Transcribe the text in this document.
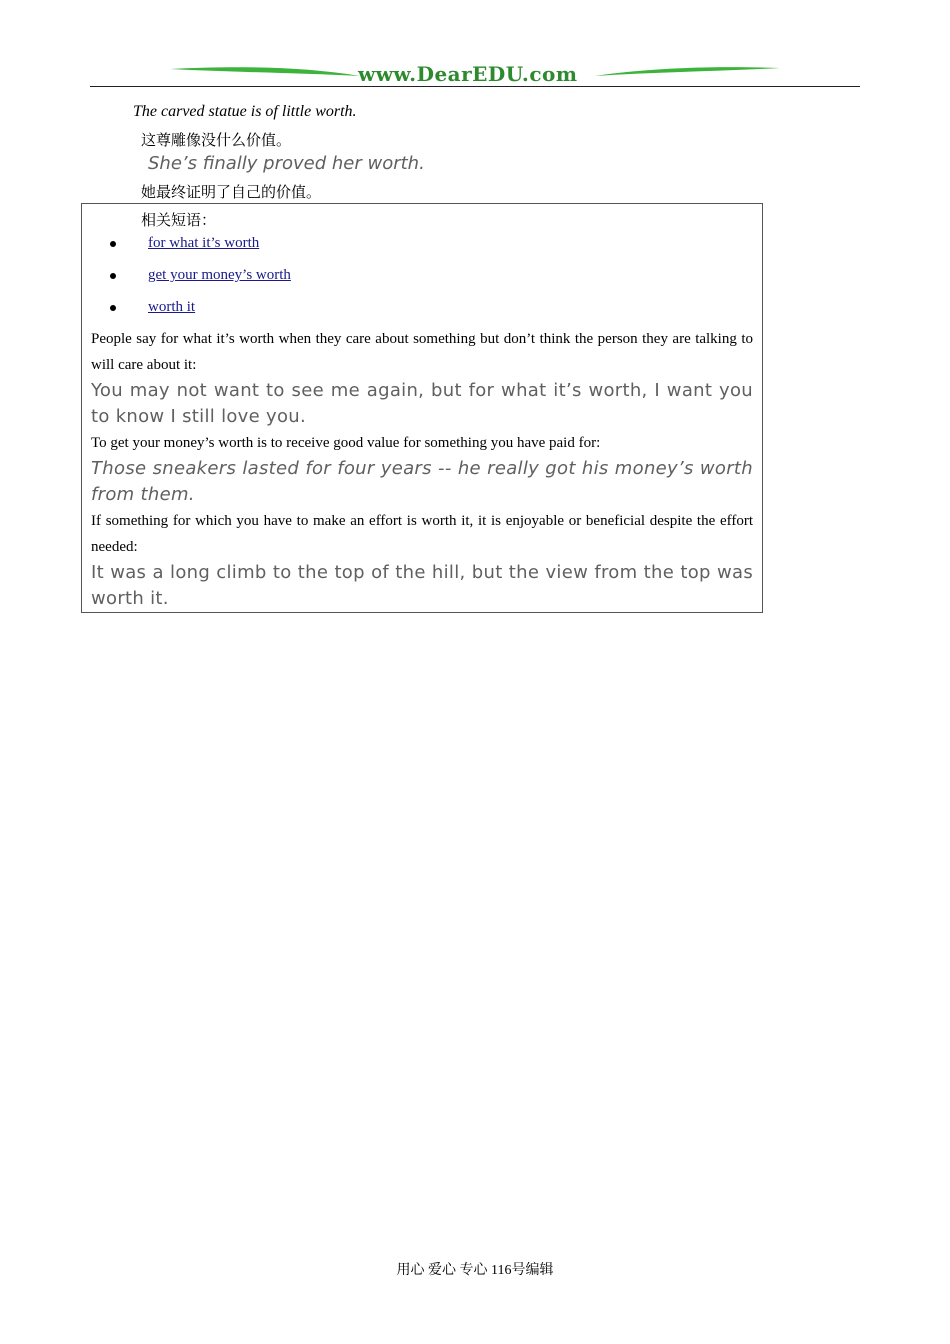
www.DearEDU.com
The carved statue is of little worth.
这尊雕像没什么价值。
She’s finally proved her worth.
她最终证明了自己的价值。
相关短语：
for what it’s worth
get your money’s worth
worth it
People say for what it’s worth when they care about something but don’t think the person they are talking to will care about it:
You may not want to see me again, but for what it’s worth, I want you to know I still love you.
To get your money’s worth is to receive good value for something you have paid for:
Those sneakers lasted for four years -- he really got his money’s worth from them.
If something for which you have to make an effort is worth it, it is enjoyable or beneficial despite the effort needed:
It was a long climb to the top of the hill, but the view from the top was worth it.
用心 爱心 专心 116号编辑
